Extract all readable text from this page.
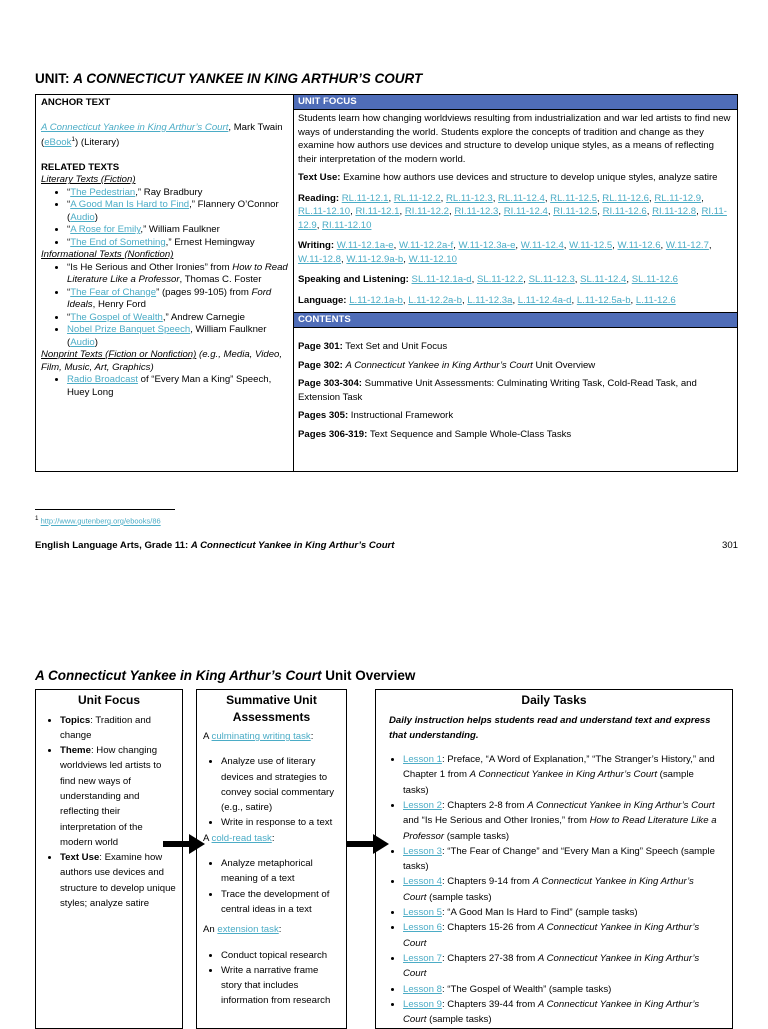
UNIT: A CONNECTICUT YANKEE IN KING ARTHUR’S COURT
ANCHOR TEXT
A Connecticut Yankee in King Arthur’s Court, Mark Twain (eBook$^1$) (Literary)
RELATED TEXTS
Literary Texts (Fiction)
• “The Pedestrian,” Ray Bradbury
• “A Good Man Is Hard to Find,” Flannery O’Connor (Audio)
• “A Rose for Emily,” William Faulkner
• “The End of Something,” Ernest Hemingway
Informational Texts (Nonfiction)
• “Is He Serious and Other Ironies” from How to Read Literature Like a Professor, Thomas C. Foster
• “The Fear of Change” (pages 99-105) from Ford Ideals, Henry Ford
• “The Gospel of Wealth,” Andrew Carnegie
• Nobel Prize Banquet Speech, William Faulkner (Audio)
Nonprint Texts (Fiction or Nonfiction) (e.g., Media, Video, Film, Music, Art, Graphics)
• Radio Broadcast of “Every Man a King” Speech, Huey Long
UNIT FOCUS
Students learn how changing worldviews resulting from industrialization and war led artists to find new ways of understanding the world. Students explore the concepts of tradition and change as they examine how authors use devices and structure to develop unique styles, as a means of reflecting their interpretation of the modern world.
Text Use: Examine how authors use devices and structure to develop unique styles, analyze satire
Reading: RL.11-12.1, RL.11-12.2, RL.11-12.3, RL.11-12.4, RL.11-12.5, RL.11-12.6, RL.11-12.9, RL.11-12.10, RI.11-12.1, RI.11-12.2, RI.11-12.3, RI.11-12.4, RI.11-12.5, RI.11-12.6, RI.11-12.8, RI.11-12.9, RI.11-12.10
Writing: W.11-12.1a-e, W.11-12.2a-f, W.11-12.3a-e, W.11-12.4, W.11-12.5, W.11-12.6, W.11-12.7, W.11-12.8, W.11-12.9a-b, W.11-12.10
Speaking and Listening: SL.11-12.1a-d, SL.11-12.2, SL.11-12.3, SL.11-12.4, SL.11-12.6
Language: L.11-12.1a-b, L.11-12.2a-b, L.11-12.3a, L.11-12.4a-d, L.11-12.5a-b, L.11-12.6
CONTENTS
Page 301: Text Set and Unit Focus
Page 302: A Connecticut Yankee in King Arthur’s Court Unit Overview
Page 303-304: Summative Unit Assessments: Culminating Writing Task, Cold-Read Task, and Extension Task
Pages 305: Instructional Framework
Pages 306-319: Text Sequence and Sample Whole-Class Tasks
$^1$ http://www.gutenberg.org/ebooks/86
English Language Arts, Grade 11: A Connecticut Yankee in King Arthur’s Court	301
A Connecticut Yankee in King Arthur’s Court Unit Overview
Unit Focus
• Topics: Tradition and change
• Theme: How changing worldviews led artists to find new ways of understanding and reflecting their interpretation of the modern world
• Text Use: Examine how authors use devices and structure to develop unique styles; analyze satire
Summative Unit Assessments
A culminating writing task:
• Analyze use of literary devices and strategies to convey social commentary (e.g., satire)
• Write in response to a text
A cold-read task:
• Analyze metaphorical meaning of a text
• Trace the development of central ideas in a text
An extension task:
• Conduct topical research
• Write a narrative frame story that includes information from research
Daily Tasks
Daily instruction helps students read and understand text and express that understanding.
• Lesson 1: Preface, “A Word of Explanation,” “The Stranger’s History,” and Chapter 1 from A Connecticut Yankee in King Arthur’s Court (sample tasks)
• Lesson 2: Chapters 2-8 from A Connecticut Yankee in King Arthur’s Court and “Is He Serious and Other Ironies,” from How to Read Literature Like a Professor (sample tasks)
• Lesson 3: “The Fear of Change” and “Every Man a King” Speech (sample tasks)
• Lesson 4: Chapters 9-14 from A Connecticut Yankee in King Arthur’s Court (sample tasks)
• Lesson 5: “A Good Man Is Hard to Find” (sample tasks)
• Lesson 6: Chapters 15-26 from A Connecticut Yankee in King Arthur’s Court
• Lesson 7: Chapters 27-38 from A Connecticut Yankee in King Arthur’s Court
• Lesson 8: “The Gospel of Wealth” (sample tasks)
• Lesson 9: Chapters 39-44 from A Connecticut Yankee in King Arthur’s Court (sample tasks)
